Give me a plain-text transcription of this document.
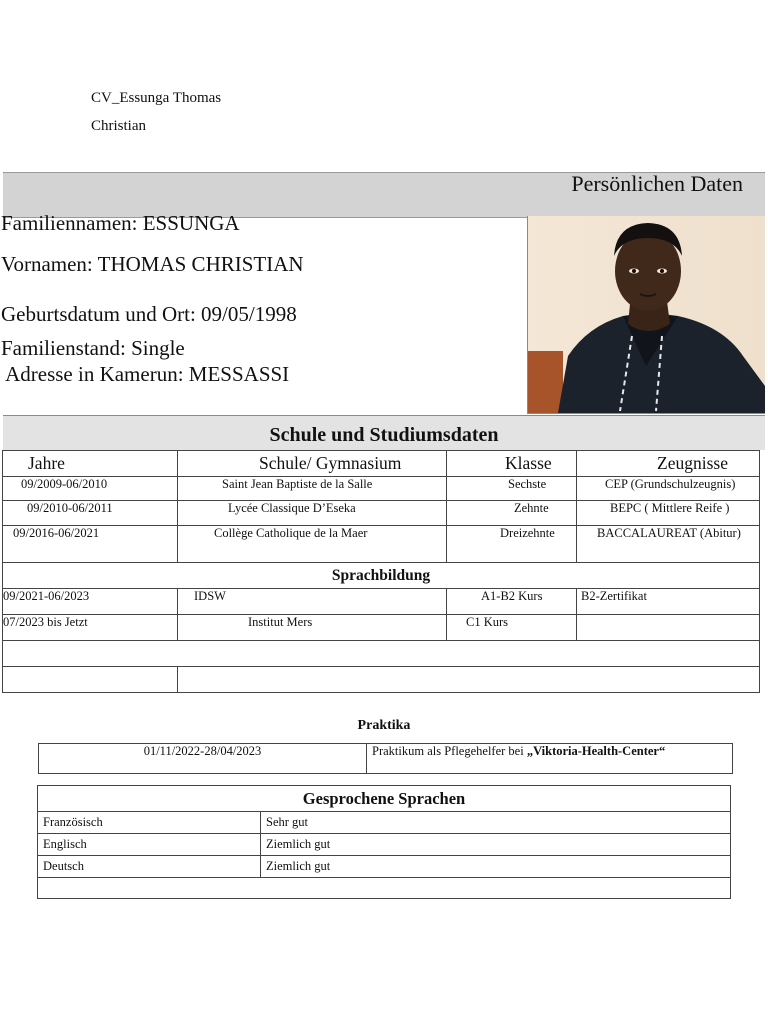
CV_Essunga Thomas
Christian
Persönlichen Daten
Familiennamen: ESSUNGA
Vornamen: THOMAS CHRISTIAN
Geburtsdatum und Ort: 09/05/1998
Familienstand: Single
Adresse in Kamerun: MESSASSI
Schule und Studiumsdaten
Jahre	Schule/ Gymnasium	Klasse	Zeugnisse
09/2009-06/2010	Saint Jean Baptiste de la Salle	Sechste	CEP (Grundschulzeugnis)
09/2010-06/2011	Lycée Classique D’Eseka	Zehnte	BEPC ( Mittlere Reife )
09/2016-06/2021	Collège Catholique de la Maer	Dreizehnte	BACCALAUREAT (Abitur)
Sprachbildung			
09/2021-06/2023	IDSW	A1-B2 Kurs	B2-Zertifikat
07/2023 bis Jetzt	Institut Mers	C1 Kurs	

Praktika
01/11/2022-28/04/2023	Praktikum als Pflegehelfer bei „Viktoria-Health-Center“
Gesprochene Sprachen	
Französisch	Sehr gut
Englisch	Ziemlich gut
Deutsch	Ziemlich gut
